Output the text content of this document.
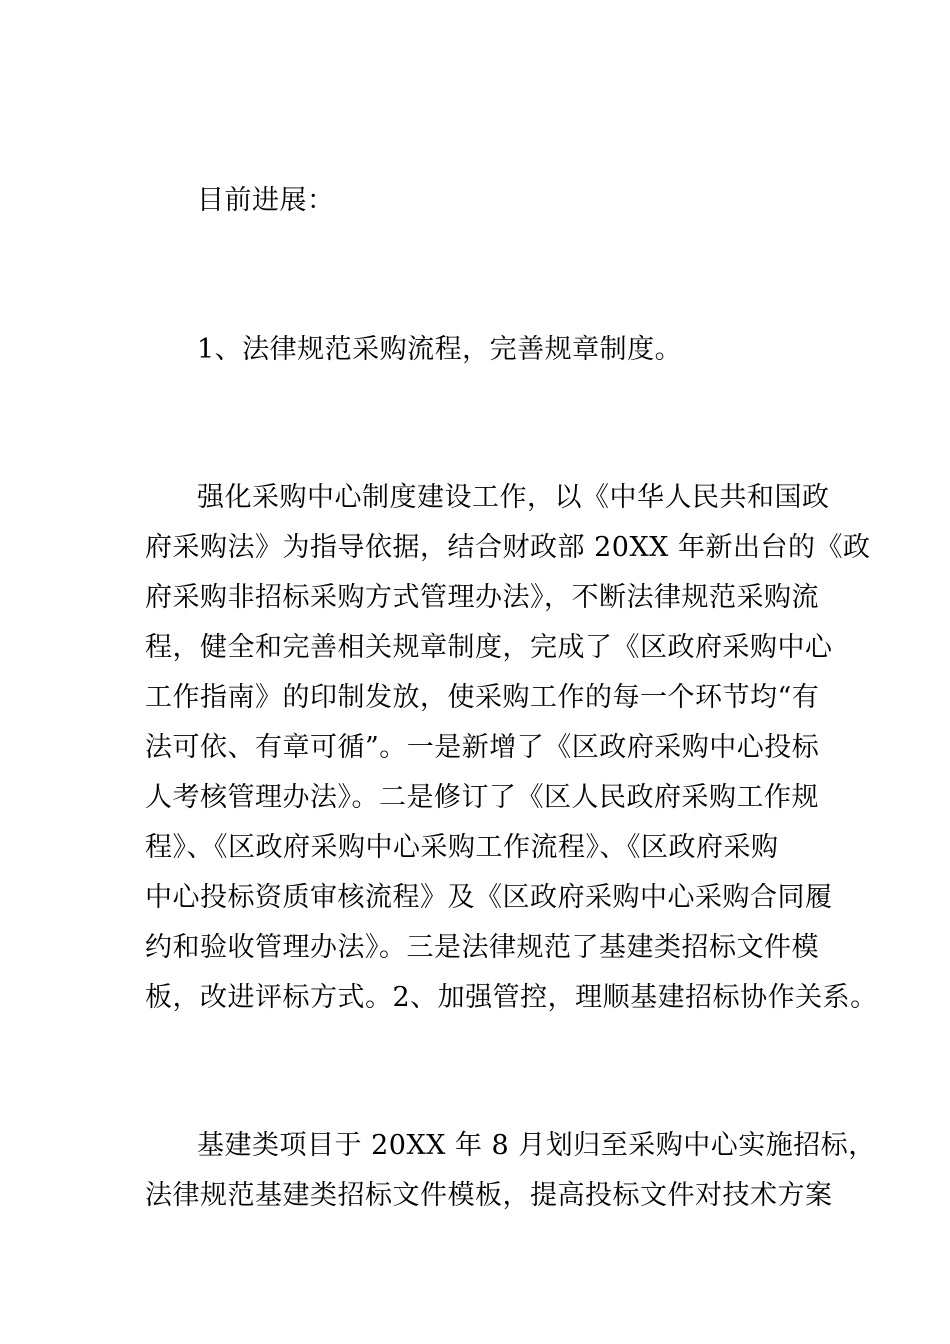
目前进展：
1、法律规范采购流程，完善规章制度。
强化采购中心制度建设工作，以《中华人民共和国政
府采购法》为指导依据，结合财政部 20XX 年新出台的《政
府采购非招标采购方式管理办法》，不断法律规范采购流
程，健全和完善相关规章制度，完成了《区政府采购中心
工作指南》的印制发放，使采购工作的每一个环节均“有
法可依、有章可循”。一是新增了《区政府采购中心投标
人考核管理办法》。二是修订了《区人民政府采购工作规
程》、《区政府采购中心采购工作流程》、《区政府采购
中心投标资质审核流程》及《区政府采购中心采购合同履
约和验收管理办法》。三是法律规范了基建类招标文件模
板，改进评标方式。2、加强管控，理顺基建招标协作关系。
基建类项目于 20XX 年 8 月划归至采购中心实施招标，
法律规范基建类招标文件模板，提高投标文件对技术方案
